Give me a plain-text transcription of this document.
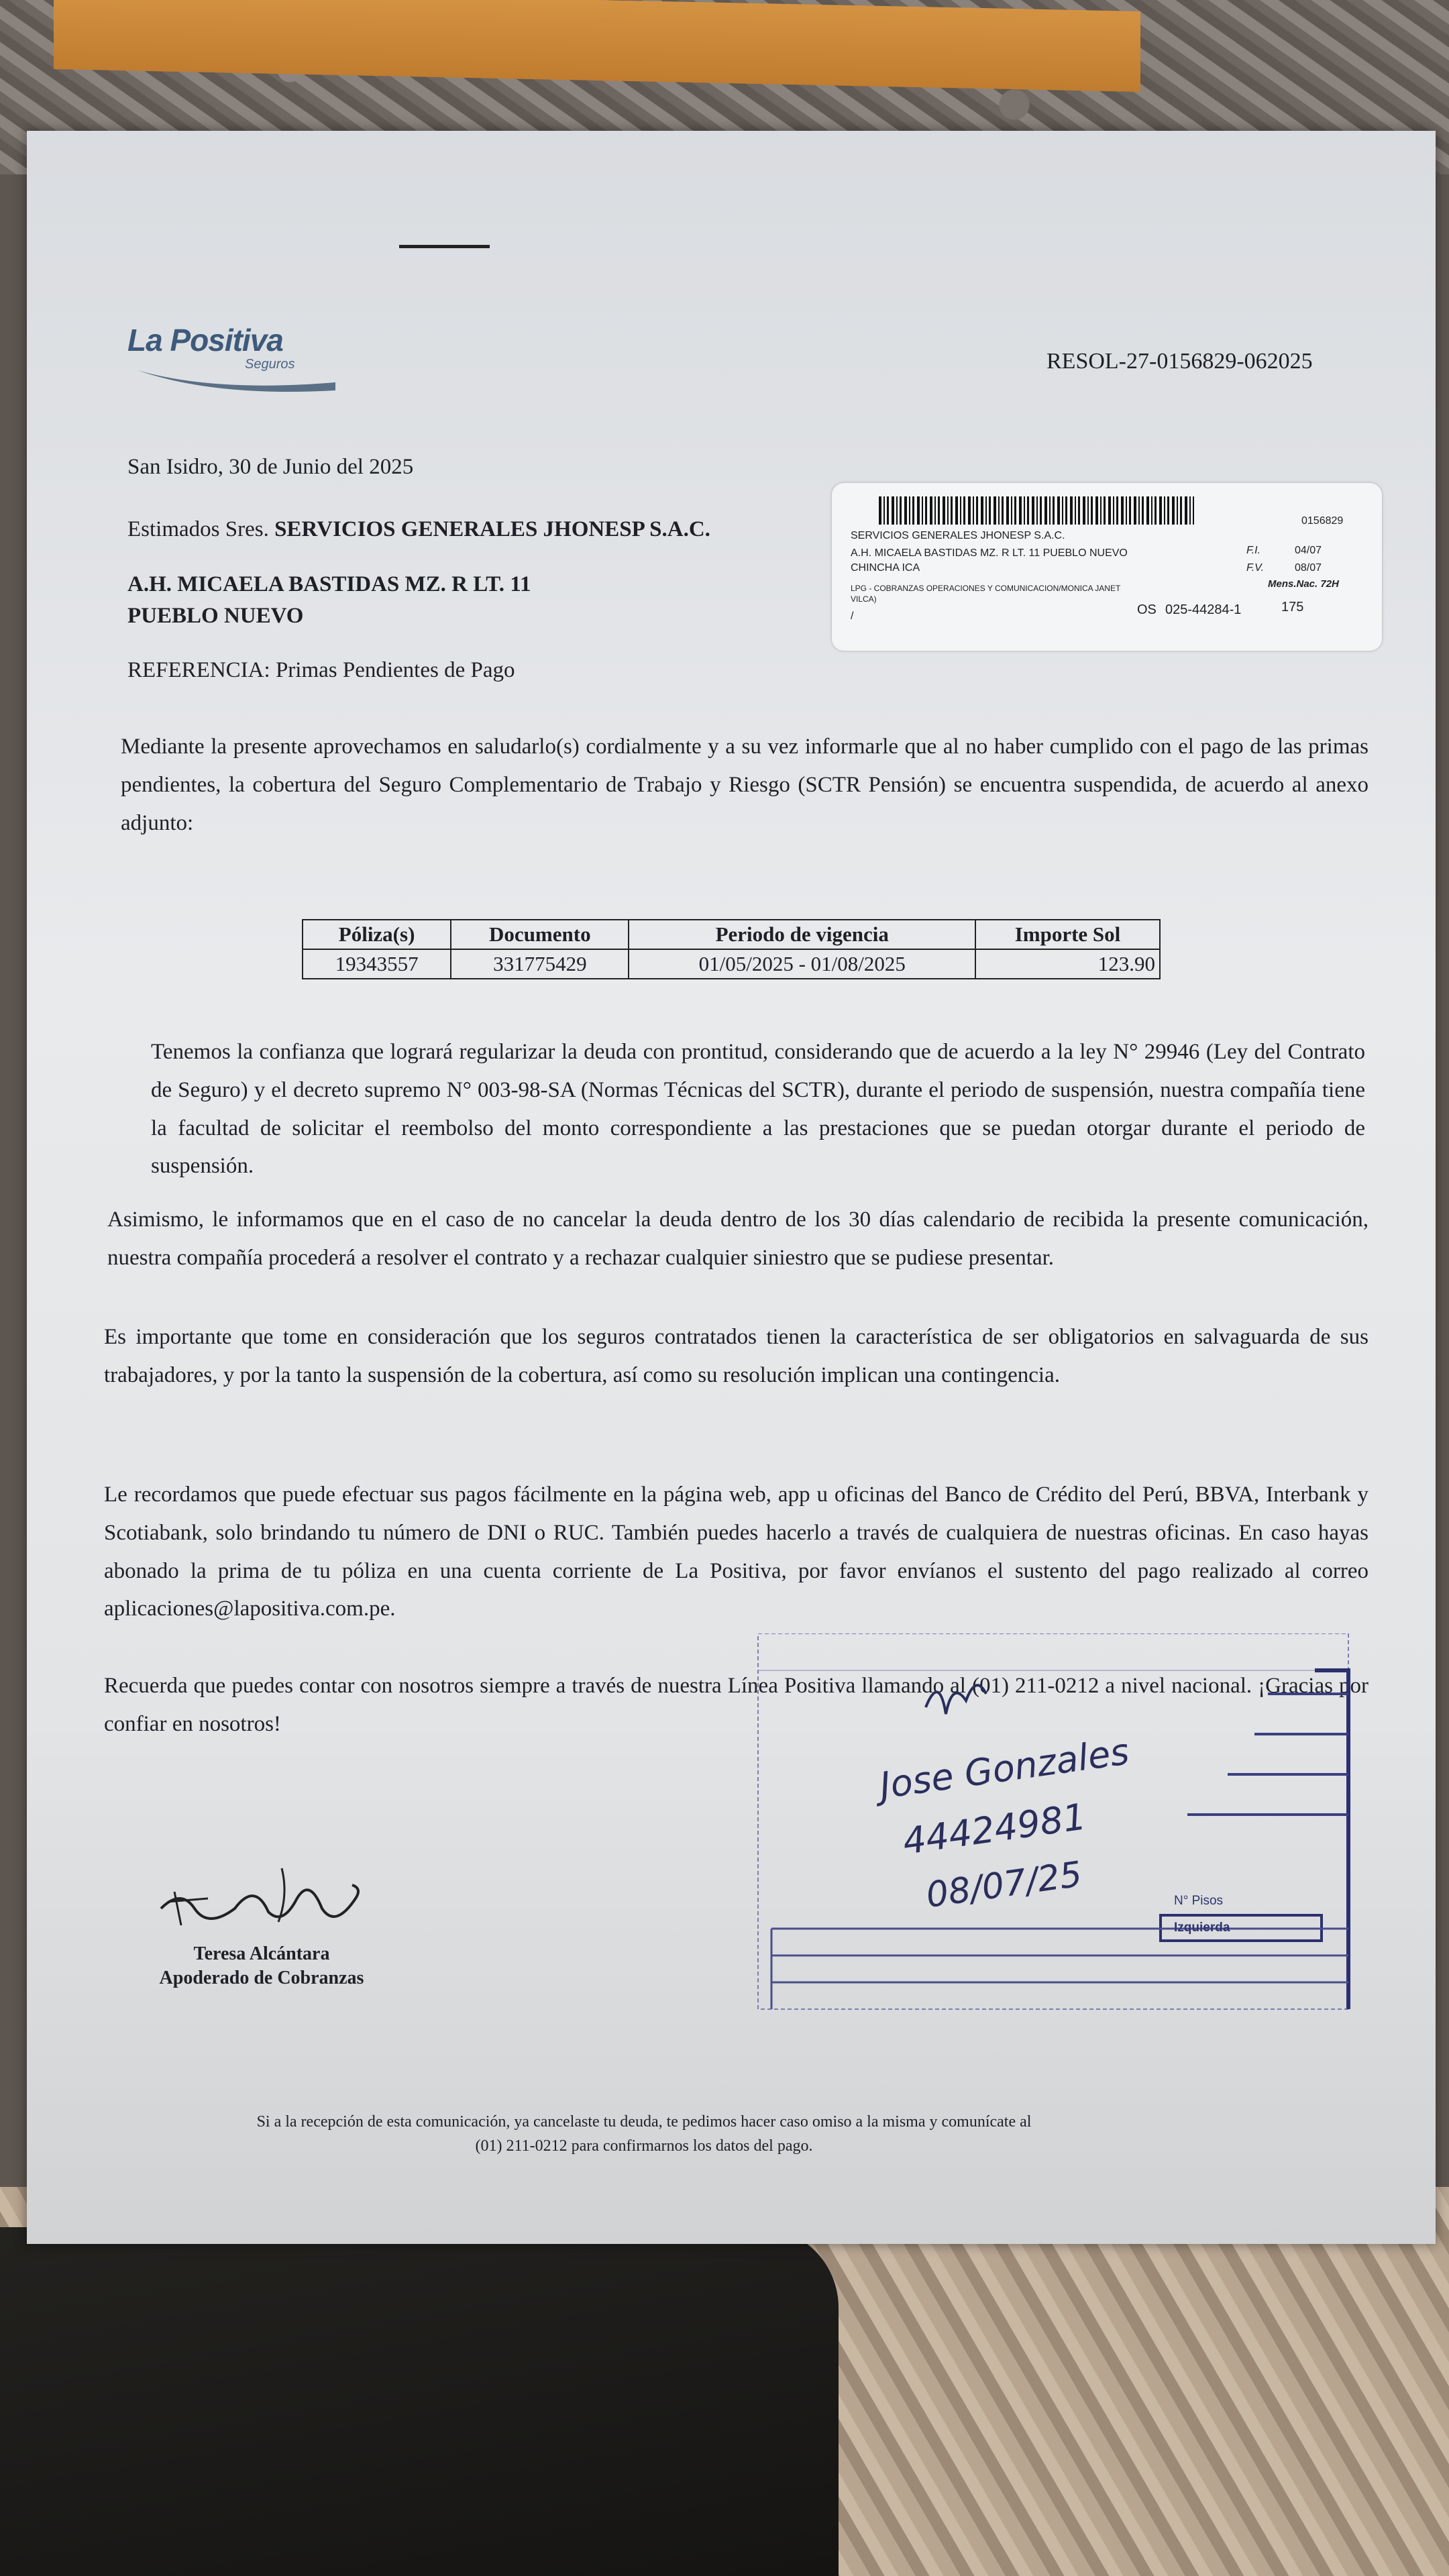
La Positiva
Seguros	RESOL-27-0156829-062025
San Isidro, 30 de Junio del 2025
Estimados Sres. SERVICIOS GENERALES JHONESP S.A.C.
A.H. MICAELA BASTIDAS MZ. R LT. 11
PUEBLO NUEVO
REFERENCIA: Primas Pendientes de Pago
0156829
SERVICIOS GENERALES JHONESP S.A.C.
A.H. MICAELA BASTIDAS MZ. R LT. 11 PUEBLO NUEVO
CHINCHA ICA
LPG - COBRANZAS OPERACIONES Y COMUNICACION/MONICA JANET
VILCA)
/
F.I.	04/07
F.V.	08/07
Mens.Nac. 72H
OS 025-44284-1	175
Mediante la presente aprovechamos en saludarlo(s) cordialmente y a su vez informarle que al no haber cumplido con el pago de las primas pendientes, la cobertura del Seguro Complementario de Trabajo y Riesgo (SCTR Pensión) se encuentra suspendida, de acuerdo al anexo adjunto:
Póliza(s)	Documento	Periodo de vigencia	Importe Sol
19343557	331775429	01/05/2025 - 01/08/2025	123.90
Tenemos la confianza que logrará regularizar la deuda con prontitud, considerando que de acuerdo a la ley N° 29946 (Ley del Contrato de Seguro) y el decreto supremo N° 003-98-SA (Normas Técnicas del SCTR), durante el periodo de suspensión, nuestra compañía tiene la facultad de solicitar el reembolso del monto correspondiente a las prestaciones que se puedan otorgar durante el periodo de suspensión.
Asimismo, le informamos que en el caso de no cancelar la deuda dentro de los 30 días calendario de recibida la presente comunicación, nuestra compañía procederá a resolver el contrato y a rechazar cualquier siniestro que se pudiese presentar.
Es importante que tome en consideración que los seguros contratados tienen la característica de ser obligatorios en salvaguarda de sus trabajadores, y por la tanto la suspensión de la cobertura, así como su resolución implican una contingencia.
Le recordamos que puede efectuar sus pagos fácilmente en la página web, app u oficinas del Banco de Crédito del Perú, BBVA, Interbank y Scotiabank, solo brindando tu número de DNI o RUC. También puedes hacerlo a través de cualquiera de nuestras oficinas. En caso hayas abonado la prima de tu póliza en una cuenta corriente de La Positiva, por favor envíanos el sustento del pago realizado al correo aplicaciones@lapositiva.com.pe.
Recuerda que puedes contar con nosotros siempre a través de nuestra Línea Positiva llamando al (01) 211-0212 a nivel nacional. ¡Gracias por confiar en nosotros!
Teresa Alcántara
Apoderado de Cobranzas
Jose Gonzales
44424981
08/07/25	N° Pisos
Izquierda
Si a la recepción de esta comunicación, ya cancelaste tu deuda, te pedimos hacer caso omiso a la misma y comunícate al
(01) 211-0212 para confirmarnos los datos del pago.
